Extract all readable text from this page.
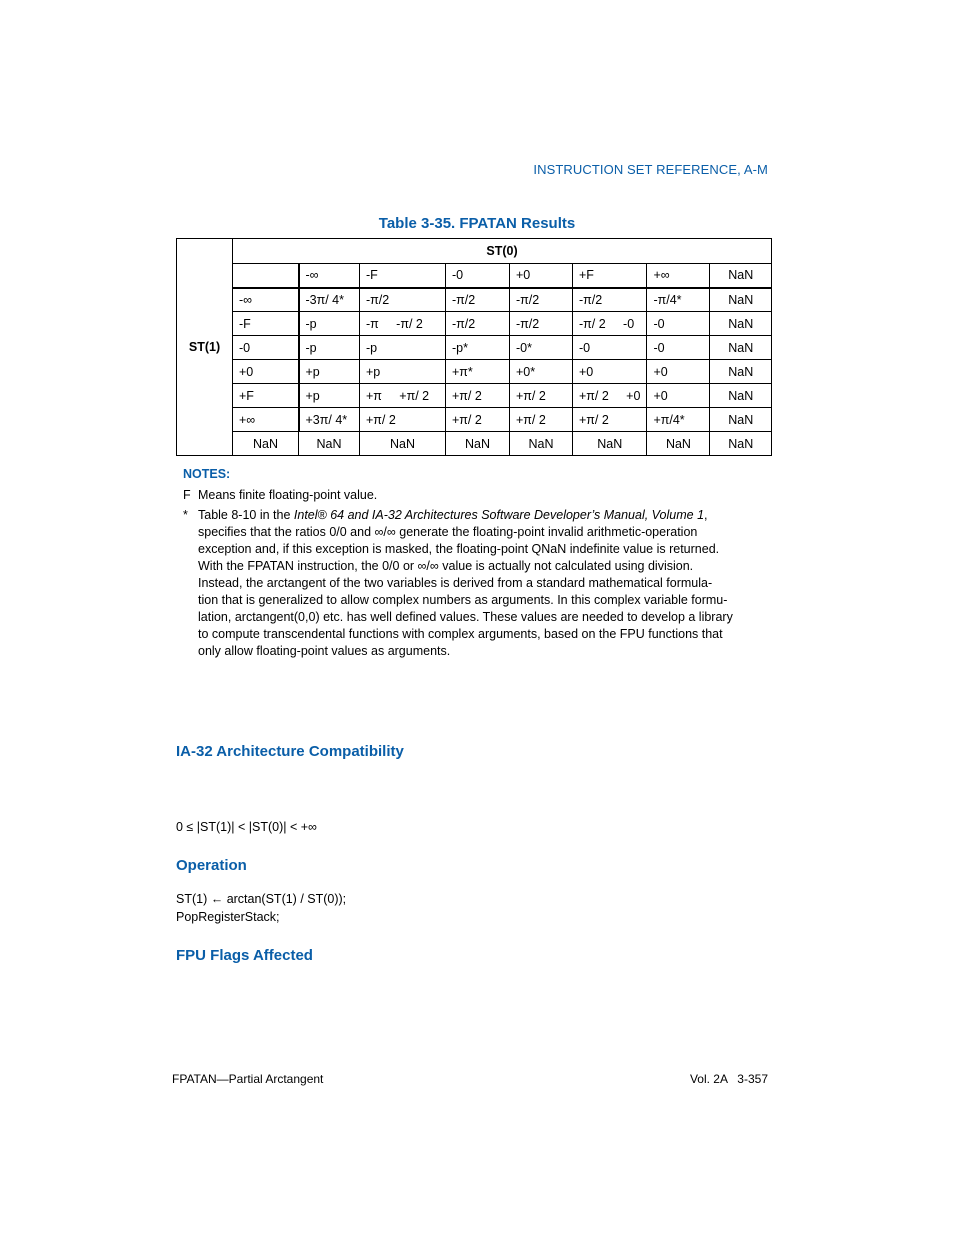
INSTRUCTION SET REFERENCE, A-M
Table 3-35. FPATAN Results
ST(1)	ST(0)							
		-∞	-F	-0	+0	+F	+∞	NaN
	-∞	-3π/ 4*	-π/2	-π/2	-π/2	-π/2	-π/4*	NaN
	-F	-p	-π     -π/ 2	-π/2	-π/2	-π/ 2     -0	-0	NaN
	-0	-p	-p	-p*	-0*	-0	-0	NaN
	+0	+p	+p	+π*	+0*	+0	+0	NaN
	+F	+p	+π     +π/ 2	+π/ 2	+π/ 2	+π/ 2     +0	+0	NaN
	+∞	+3π/ 4*	+π/ 2	+π/ 2	+π/ 2	+π/ 2	+π/4*	NaN
	NaN	NaN	NaN	NaN	NaN	NaN	NaN	NaN
NOTES:
F Means finite floating-point value.
* Table 8-10 in the Intel® 64 and IA-32 Architectures Software Developer’s Manual, Volume 1,
specifies that the ratios 0/0 and ∞/∞ generate the floating-point invalid arithmetic-operation
exception and, if this exception is masked, the floating-point QNaN indefinite value is returned.
With the FPATAN instruction, the 0/0 or ∞/∞ value is actually not calculated using division.
Instead, the arctangent of the two variables is derived from a standard mathematical formula-
tion that is generalized to allow complex numbers as arguments. In this complex variable formu-
lation, arctangent(0,0) etc. has well defined values. These values are needed to develop a library
to compute transcendental functions with complex arguments, based on the FPU functions that
only allow floating-point values as arguments.
IA-32 Architecture Compatibility
0 ≤ |ST(1)| < |ST(0)| < +∞
Operation
ST(1) ← arctan(ST(1) / ST(0));
PopRegisterStack;
FPU Flags Affected
FPATAN—Partial Arctangent	Vol. 2A   3-357
